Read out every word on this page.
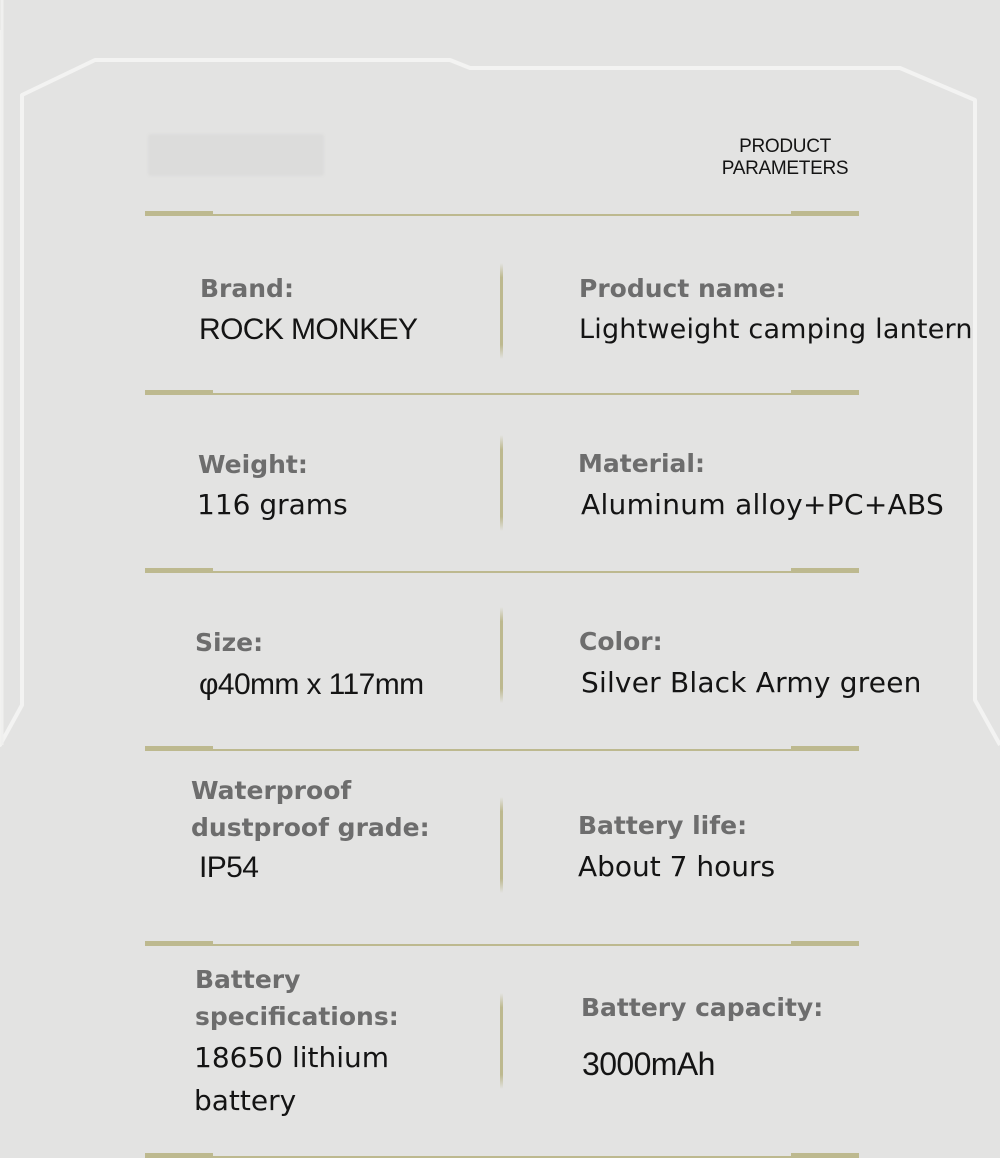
PRODUCT
PARAMETERS
Brand:
ROCK MONKEY
Product name:
Lightweight camping lantern
Weight:
116 grams
Material:
Aluminum alloy+PC+ABS
Size:
φ40mm x 117mm
Color:
Silver Black Army green
Waterproof
dustproof grade:
IP54
Battery life:
About 7 hours
Battery
specifications:
18650 lithium
battery
Battery capacity:
3000mAh
